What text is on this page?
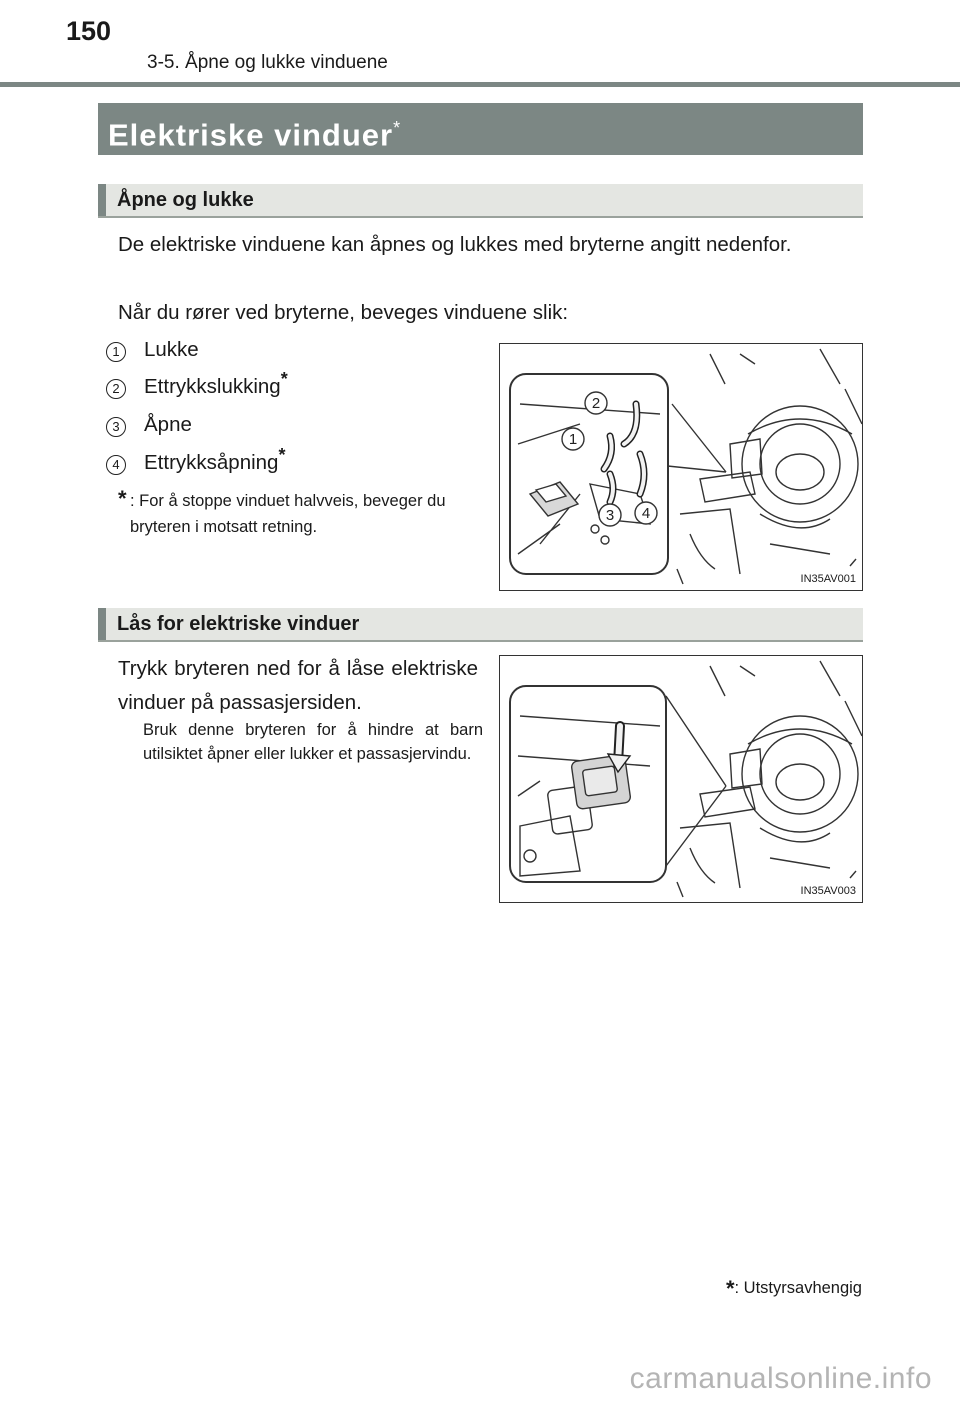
150
3-5. Åpne og lukke vinduene
Elektriske vinduer*
Åpne og lukke
De elektriske vinduene kan åpnes og lukkes med bryterne angitt nedenfor.
Når du rører ved bryterne, beveges vinduene slik:
1	Lukke
2	Ettrykkslukking*
3	Åpne
4	Ettrykksåpning*
* : For å stoppe vinduet halvveis, beveger du bryteren i motsatt retning.
2
1
3 4
IN35AV001
Lås for elektriske vinduer
Trykk bryteren ned for å låse elektriske vinduer på passasjersiden.
Bruk denne bryteren for å hindre at barn utilsiktet åpner eller lukker et passasjervindu.
IN35AV003
*: Utstyrsavhengig
carmanualsonline.info
